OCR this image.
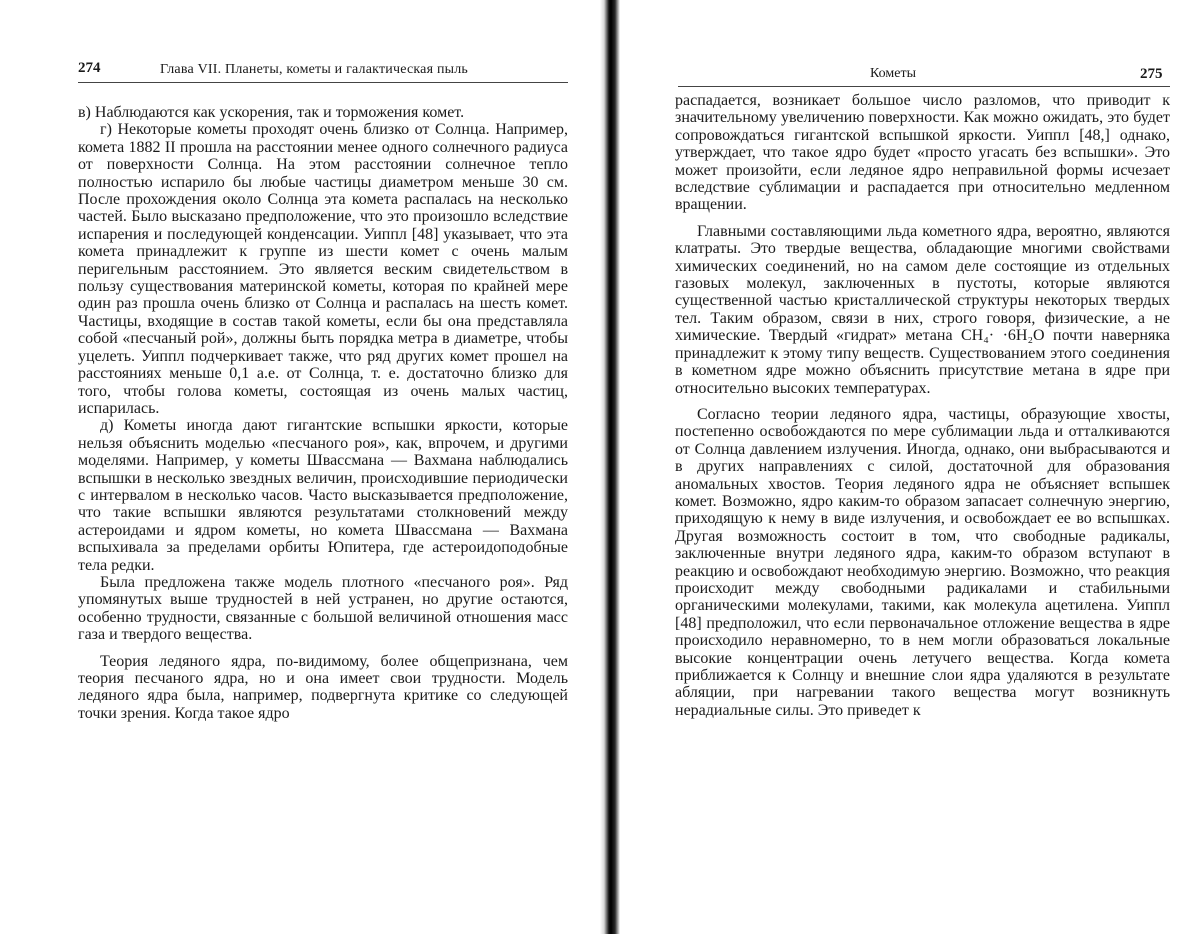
274	Глава VII. Планеты, кометы и галактическая пыль

в) Наблюдаются как ускорения, так и торможения комет.

г) Некоторые кометы проходят очень близко от Солнца. Например, комета 1882 II прошла на расстоянии менее одного солнечного радиуса от поверхности Солнца. На этом расстоянии солнечное тепло полностью испарило бы любые частицы диаметром меньше 30 см. После прохождения около Солнца эта комета распалась на несколько частей. Было высказано предположение, что это произошло вследствие испарения и последующей конденсации. Уиппл [48] указывает, что эта комета принадлежит к группе из шести комет с очень малым перигельным расстоянием. Это является веским свидетельством в пользу существования материнской кометы, которая по крайней мере один раз прошла очень близко от Солнца и распалась на шесть комет. Частицы, входящие в состав такой кометы, если бы она представляла собой «песчаный рой», должны быть порядка метра в диаметре, чтобы уцелеть. Уиппл подчеркивает также, что ряд других комет прошел на расстояниях меньше 0,1 а.е. от Солнца, т. е. достаточно близко для того, чтобы голова кометы, состоящая из очень малых частиц, испарилась.

д) Кометы иногда дают гигантские вспышки яркости, которые нельзя объяснить моделью «песчаного роя», как, впрочем, и другими моделями. Например, у кометы Швассмана — Вахмана наблюдались вспышки в несколько звездных величин, происходившие периодически с интервалом в несколько часов. Часто высказывается предположение, что такие вспышки являются результатами столкновений между астероидами и ядром кометы, но комета Швассмана — Вахмана вспыхивала за пределами орбиты Юпитера, где астероидоподобные тела редки.

Была предложена также модель плотного «песчаного роя». Ряд упомянутых выше трудностей в ней устранен, но другие остаются, особенно трудности, связанные с большой величиной отношения масс газа и твердого вещества.

Теория ледяного ядра, по-видимому, более общепризнана, чем теория песчаного ядра, но и она имеет свои трудности. Модель ледяного ядра была, например, подвергнута критике со следующей точки зрения. Когда такое ядро

Кометы	275

распадается, возникает большое число разломов, что приводит к значительному увеличению поверхности. Как можно ожидать, это будет сопровождаться гигантской вспышкой яркости. Уиппл [48,] однако, утверждает, что такое ядро будет «просто угасать без вспышки». Это может произойти, если ледяное ядро неправильной формы исчезает вследствие сублимации и распадается при относительно медленном вращении.

Главными составляющими льда кометного ядра, вероятно, являются клатраты. Это твердые вещества, обладающие многими свойствами химических соединений, но на самом деле состоящие из отдельных газовых молекул, заключенных в пустоты, которые являются существенной частью кристаллической структуры некоторых твердых тел. Таким образом, связи в них, строго говоря, физические, а не химические. Твердый «гидрат» метана CH₄· ·6H₂O почти наверняка принадлежит к этому типу веществ. Существованием этого соединения в кометном ядре можно объяснить присутствие метана в ядре при относительно высоких температурах.

Согласно теории ледяного ядра, частицы, образующие хвосты, постепенно освобождаются по мере сублимации льда и отталкиваются от Солнца давлением излучения. Иногда, однако, они выбрасываются и в других направлениях с силой, достаточной для образования аномальных хвостов. Теория ледяного ядра не объясняет вспышек комет. Возможно, ядро каким-то образом запасает солнечную энергию, приходящую к нему в виде излучения, и освобождает ее во вспышках. Другая возможность состоит в том, что свободные радикалы, заключенные внутри ледяного ядра, каким-то образом вступают в реакцию и освобождают необходимую энергию. Возможно, что реакция происходит между свободными радикалами и стабильными органическими молекулами, такими, как молекула ацетилена. Уиппл [48] предположил, что если первоначальное отложение вещества в ядре происходило неравномерно, то в нем могли образоваться локальные высокие концентрации очень летучего вещества. Когда комета приближается к Солнцу и внешние слои ядра удаляются в результате абляции, при нагревании такого вещества могут возникнуть нерадиальные силы. Это приведет к
